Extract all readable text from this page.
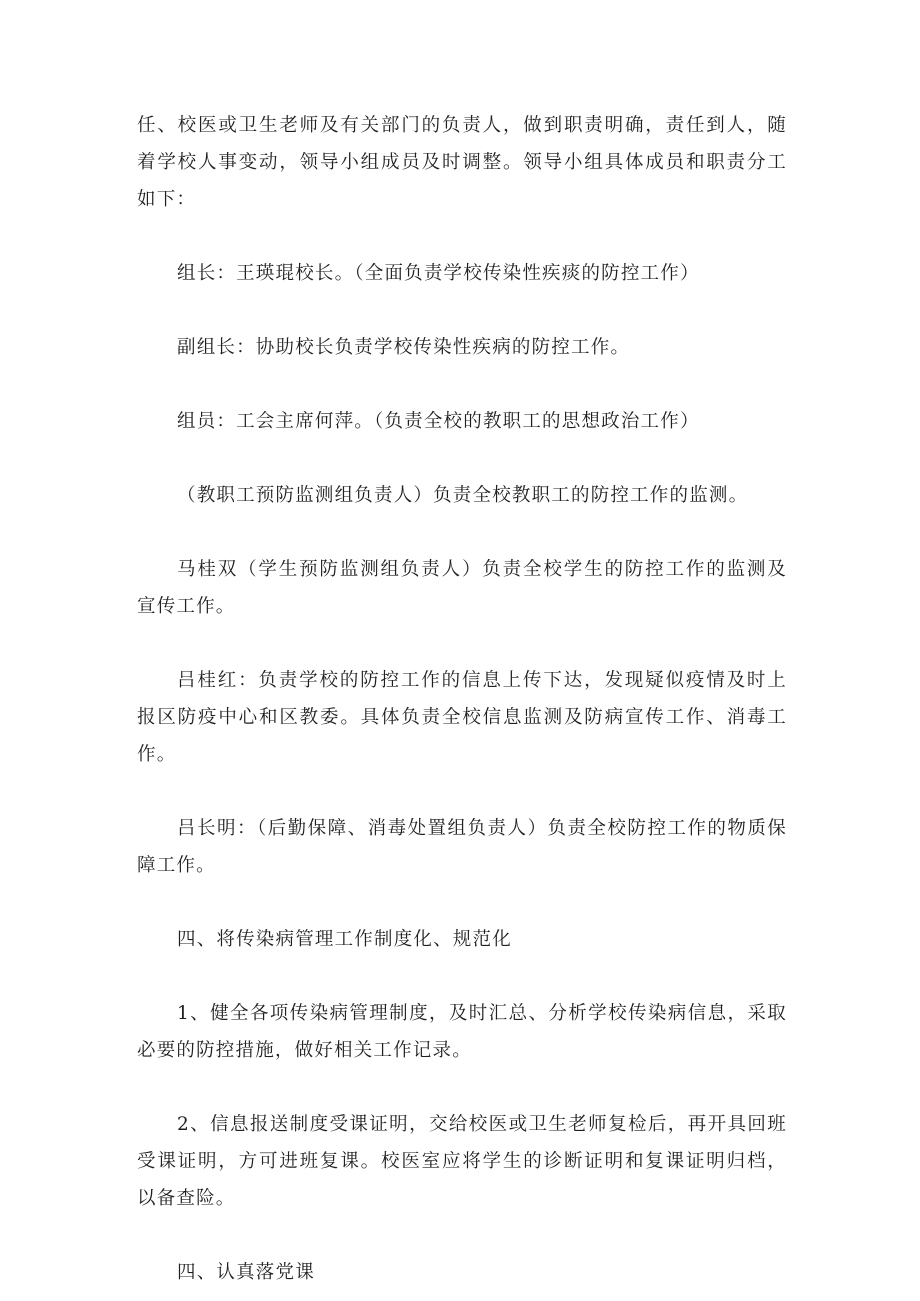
任、校医或卫生老师及有关部门的负责人，做到职责明确，责任到人，随着学校人事变动，领导小组成员及时调整。领导小组具体成员和职责分工如下：

组长：王瑛琨校长。（全面负责学校传染性疾痰的防控工作）

副组长：协助校长负责学校传染性疾病的防控工作。

组员：工会主席何萍。（负责全校的教职工的思想政治工作）

（教职工预防监测组负责人）负责全校教职工的防控工作的监测。

马桂双（学生预防监测组负责人）负责全校学生的防控工作的监测及宣传工作。

吕桂红：负责学校的防控工作的信息上传下达，发现疑似疫情及时上报区防疫中心和区教委。具体负责全校信息监测及防病宣传工作、消毒工作。

吕长明：（后勤保障、消毒处置组负责人）负责全校防控工作的物质保障工作。

四、将传染病管理工作制度化、规范化

1、健全各项传染病管理制度，及时汇总、分析学校传染病信息，采取必要的防控措施，做好相关工作记录。

2、信息报送制度受课证明，交给校医或卫生老师复检后，再开具回班受课证明，方可进班复课。校医室应将学生的诊断证明和复课证明归档，以备查险。

四、认真落党课
